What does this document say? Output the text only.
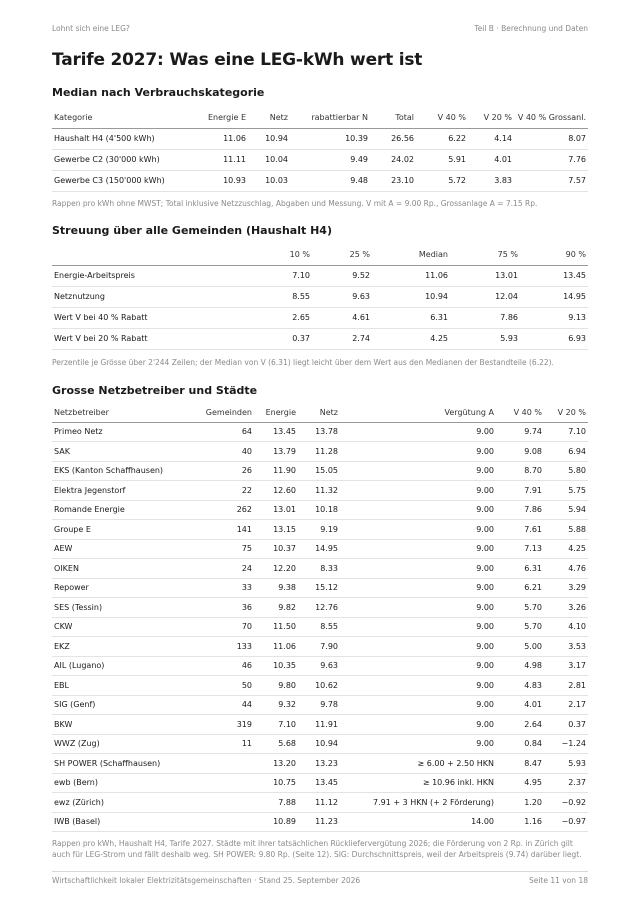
Lohnt sich eine LEG?	Teil B · Berechnung und Daten
Tarife 2027: Was eine LEG-kWh wert ist
Median nach Verbrauchskategorie
Kategorie	Energie E	Netz	rabattierbar N	Total	V 40 %	V 20 %	V 40 % Grossanl.
Haushalt H4 (4'500 kWh)	11.06	10.94	10.39	26.56	6.22	4.14	8.07
Gewerbe C2 (30'000 kWh)	11.11	10.04	9.49	24.02	5.91	4.01	7.76
Gewerbe C3 (150'000 kWh)	10.93	10.03	9.48	23.10	5.72	3.83	7.57

Rappen pro kWh ohne MWST; Total inklusive Netzzuschlag, Abgaben und Messung. V mit A = 9.00 Rp., Grossanlage A = 7.15 Rp.

Streuung über alle Gemeinden (Haushalt H4)
	10 %	25 %	Median	75 %	90 %
Energie-Arbeitspreis	7.10	9.52	11.06	13.01	13.45
Netznutzung	8.55	9.63	10.94	12.04	14.95
Wert V bei 40 % Rabatt	2.65	4.61	6.31	7.86	9.13
Wert V bei 20 % Rabatt	0.37	2.74	4.25	5.93	6.93

Perzentile je Grösse über 2'244 Zeilen; der Median von V (6.31) liegt leicht über dem Wert aus den Medianen der Bestandteile (6.22).

Grosse Netzbetreiber und Städte
Netzbetreiber	Gemeinden	Energie	Netz	Vergütung A	V 40 %	V 20 %
Primeo Netz	64	13.45	13.78	9.00	9.74	7.10
SAK	40	13.79	11.28	9.00	9.08	6.94
EKS (Kanton Schaffhausen)	26	11.90	15.05	9.00	8.70	5.80
Elektra Jegenstorf	22	12.60	11.32	9.00	7.91	5.75
Romande Energie	262	13.01	10.18	9.00	7.86	5.94
Groupe E	141	13.15	9.19	9.00	7.61	5.88
AEW	75	10.37	14.95	9.00	7.13	4.25
OIKEN	24	12.20	8.33	9.00	6.31	4.76
Repower	33	9.38	15.12	9.00	6.21	3.29
SES (Tessin)	36	9.82	12.76	9.00	5.70	3.26
CKW	70	11.50	8.55	9.00	5.70	4.10
EKZ	133	11.06	7.90	9.00	5.00	3.53
AIL (Lugano)	46	10.35	9.63	9.00	4.98	3.17
EBL	50	9.80	10.62	9.00	4.83	2.81
SIG (Genf)	44	9.32	9.78	9.00	4.01	2.17
BKW	319	7.10	11.91	9.00	2.64	0.37
WWZ (Zug)	11	5.68	10.94	9.00	0.84	−1.24
SH POWER (Schaffhausen)		13.20	13.23	≥ 6.00 + 2.50 HKN	8.47	5.93
ewb (Bern)		10.75	13.45	≥ 10.96 inkl. HKN	4.95	2.37
ewz (Zürich)		7.88	11.12	7.91 + 3 HKN (+ 2 Förderung)	1.20	−0.92
IWB (Basel)		10.89	11.23	14.00	1.16	−0.97

Rappen pro kWh, Haushalt H4, Tarife 2027. Städte mit ihrer tatsächlichen Rückliefervergütung 2026; die Förderung von 2 Rp. in Zürich gilt auch für LEG-Strom und fällt deshalb weg. SH POWER: 9.80 Rp. (Seite 12). SIG: Durchschnittspreis, weil der Arbeitspreis (9.74) darüber liegt.

Wirtschaftlichkeit lokaler Elektrizitätsgemeinschaften · Stand 25. September 2026	Seite 11 von 18
